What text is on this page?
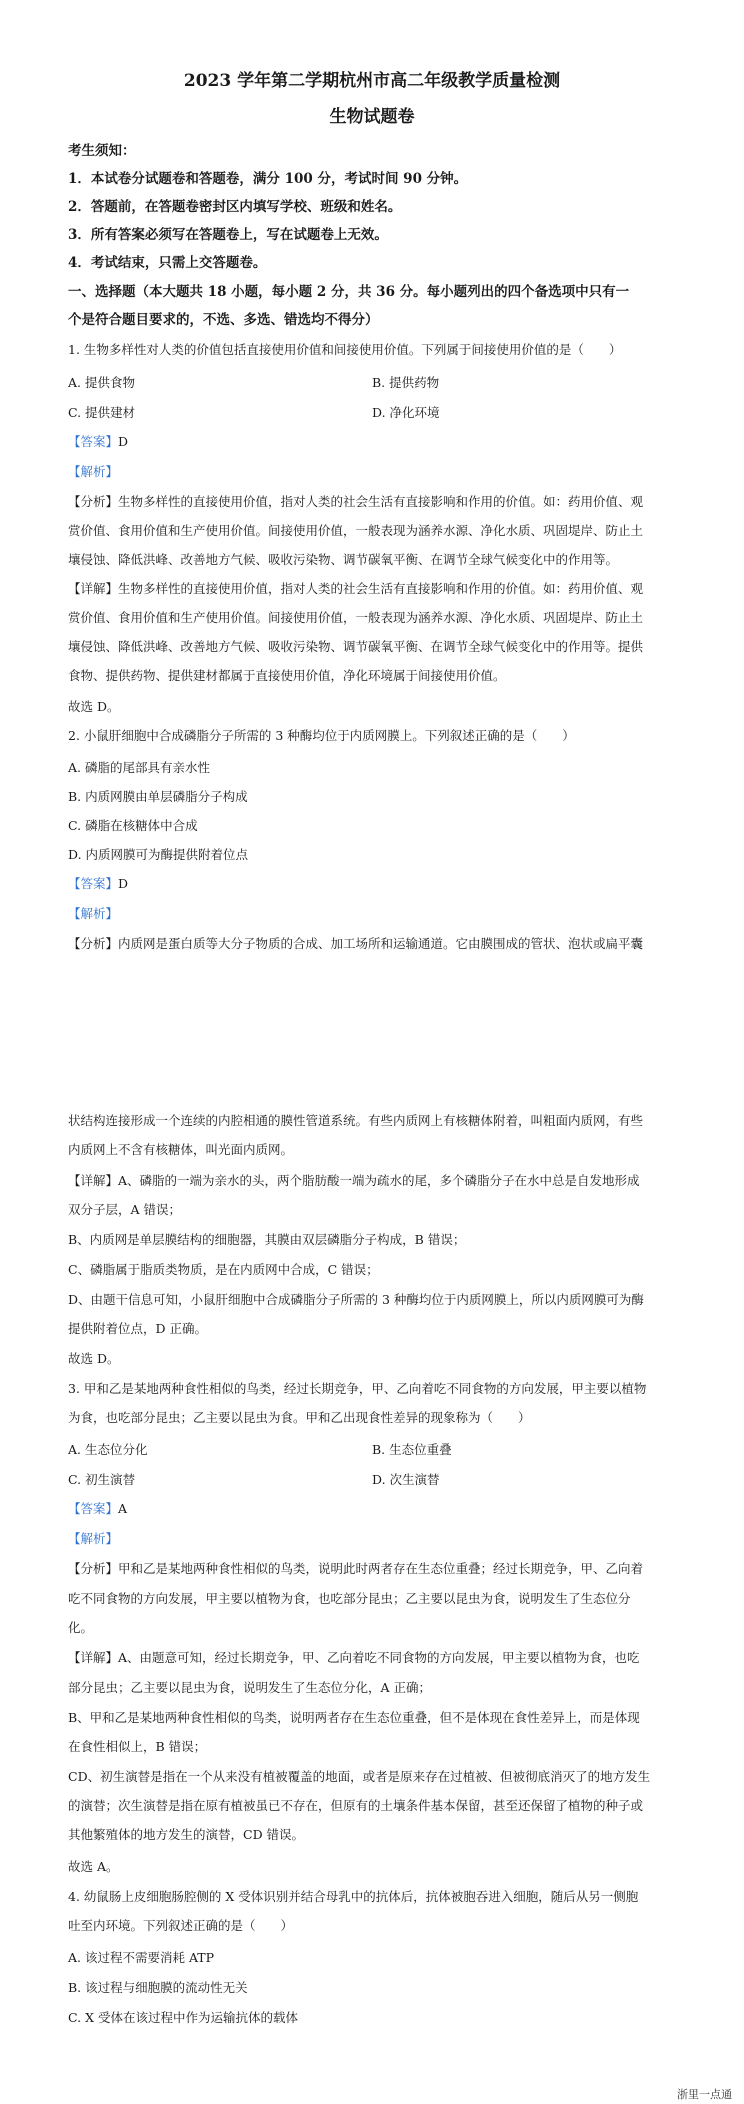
2023 学年第二学期杭州市高二年级教学质量检测
生物试题卷
考生须知：
1．本试卷分试题卷和答题卷，满分 100 分，考试时间 90 分钟。
2．答题前，在答题卷密封区内填写学校、班级和姓名。
3．所有答案必须写在答题卷上，写在试题卷上无效。
4．考试结束，只需上交答题卷。
一、选择题（本大题共 18 小题，每小题 2 分，共 36 分。每小题列出的四个备选项中只有一
个是符合题目要求的，不选、多选、错选均不得分）
1. 生物多样性对人类的价值包括直接使用价值和间接使用价值。下列属于间接使用价值的是（　　）
A. 提供食物	B. 提供药物
C. 提供建材	D. 净化环境
【答案】D
【解析】
【分析】生物多样性的直接使用价值，指对人类的社会生活有直接影响和作用的价值。如：药用价值、观
赏价值、食用价值和生产使用价值。间接使用价值，一般表现为涵养水源、净化水质、巩固堤岸、防止土
壤侵蚀、降低洪峰、改善地方气候、吸收污染物、调节碳氧平衡、在调节全球气候变化中的作用等。
【详解】生物多样性的直接使用价值，指对人类的社会生活有直接影响和作用的价值。如：药用价值、观
赏价值、食用价值和生产使用价值。间接使用价值，一般表现为涵养水源、净化水质、巩固堤岸、防止土
壤侵蚀、降低洪峰、改善地方气候、吸收污染物、调节碳氧平衡、在调节全球气候变化中的作用等。提供
食物、提供药物、提供建材都属于直接使用价值，净化环境属于间接使用价值。
故选 D。
2. 小鼠肝细胞中合成磷脂分子所需的 3 种酶均位于内质网膜上。下列叙述正确的是（　　）
A. 磷脂的尾部具有亲水性
B. 内质网膜由单层磷脂分子构成
C. 磷脂在核糖体中合成
D. 内质网膜可为酶提供附着位点
【答案】D
【解析】
【分析】内质网是蛋白质等大分子物质的合成、加工场所和运输通道。它由膜围成的管状、泡状或扁平囊
状结构连接形成一个连续的内腔相通的膜性管道系统。有些内质网上有核糖体附着，叫粗面内质网，有些
内质网上不含有核糖体，叫光面内质网。
【详解】A、磷脂的一端为亲水的头，两个脂肪酸一端为疏水的尾，多个磷脂分子在水中总是自发地形成
双分子层，A 错误；
B、内质网是单层膜结构的细胞器，其膜由双层磷脂分子构成，B 错误；
C、磷脂属于脂质类物质，是在内质网中合成，C 错误；
D、由题干信息可知，小鼠肝细胞中合成磷脂分子所需的 3 种酶均位于内质网膜上，所以内质网膜可为酶
提供附着位点，D 正确。
故选 D。
3. 甲和乙是某地两种食性相似的鸟类，经过长期竞争，甲、乙向着吃不同食物的方向发展，甲主要以植物
为食，也吃部分昆虫；乙主要以昆虫为食。甲和乙出现食性差异的现象称为（　　）
A. 生态位分化	B. 生态位重叠
C. 初生演替	D. 次生演替
【答案】A
【解析】
【分析】甲和乙是某地两种食性相似的鸟类，说明此时两者存在生态位重叠；经过长期竞争，甲、乙向着
吃不同食物的方向发展，甲主要以植物为食，也吃部分昆虫；乙主要以昆虫为食，说明发生了生态位分
化。
【详解】A、由题意可知，经过长期竞争，甲、乙向着吃不同食物的方向发展，甲主要以植物为食，也吃
部分昆虫；乙主要以昆虫为食，说明发生了生态位分化，A 正确；
B、甲和乙是某地两种食性相似的鸟类，说明两者存在生态位重叠，但不是体现在食性差异上，而是体现
在食性相似上，B 错误；
CD、初生演替是指在一个从来没有植被覆盖的地面，或者是原来存在过植被、但被彻底消灭了的地方发生
的演替；次生演替是指在原有植被虽已不存在，但原有的土壤条件基本保留，甚至还保留了植物的种子或
其他繁殖体的地方发生的演替，CD 错误。
故选 A。
4. 幼鼠肠上皮细胞肠腔侧的 X 受体识别并结合母乳中的抗体后，抗体被胞吞进入细胞，随后从另一侧胞
吐至内环境。下列叙述正确的是（　　）
A. 该过程不需要消耗 ATP
B. 该过程与细胞膜的流动性无关
C. X 受体在该过程中作为运输抗体的载体
浙里一点通
